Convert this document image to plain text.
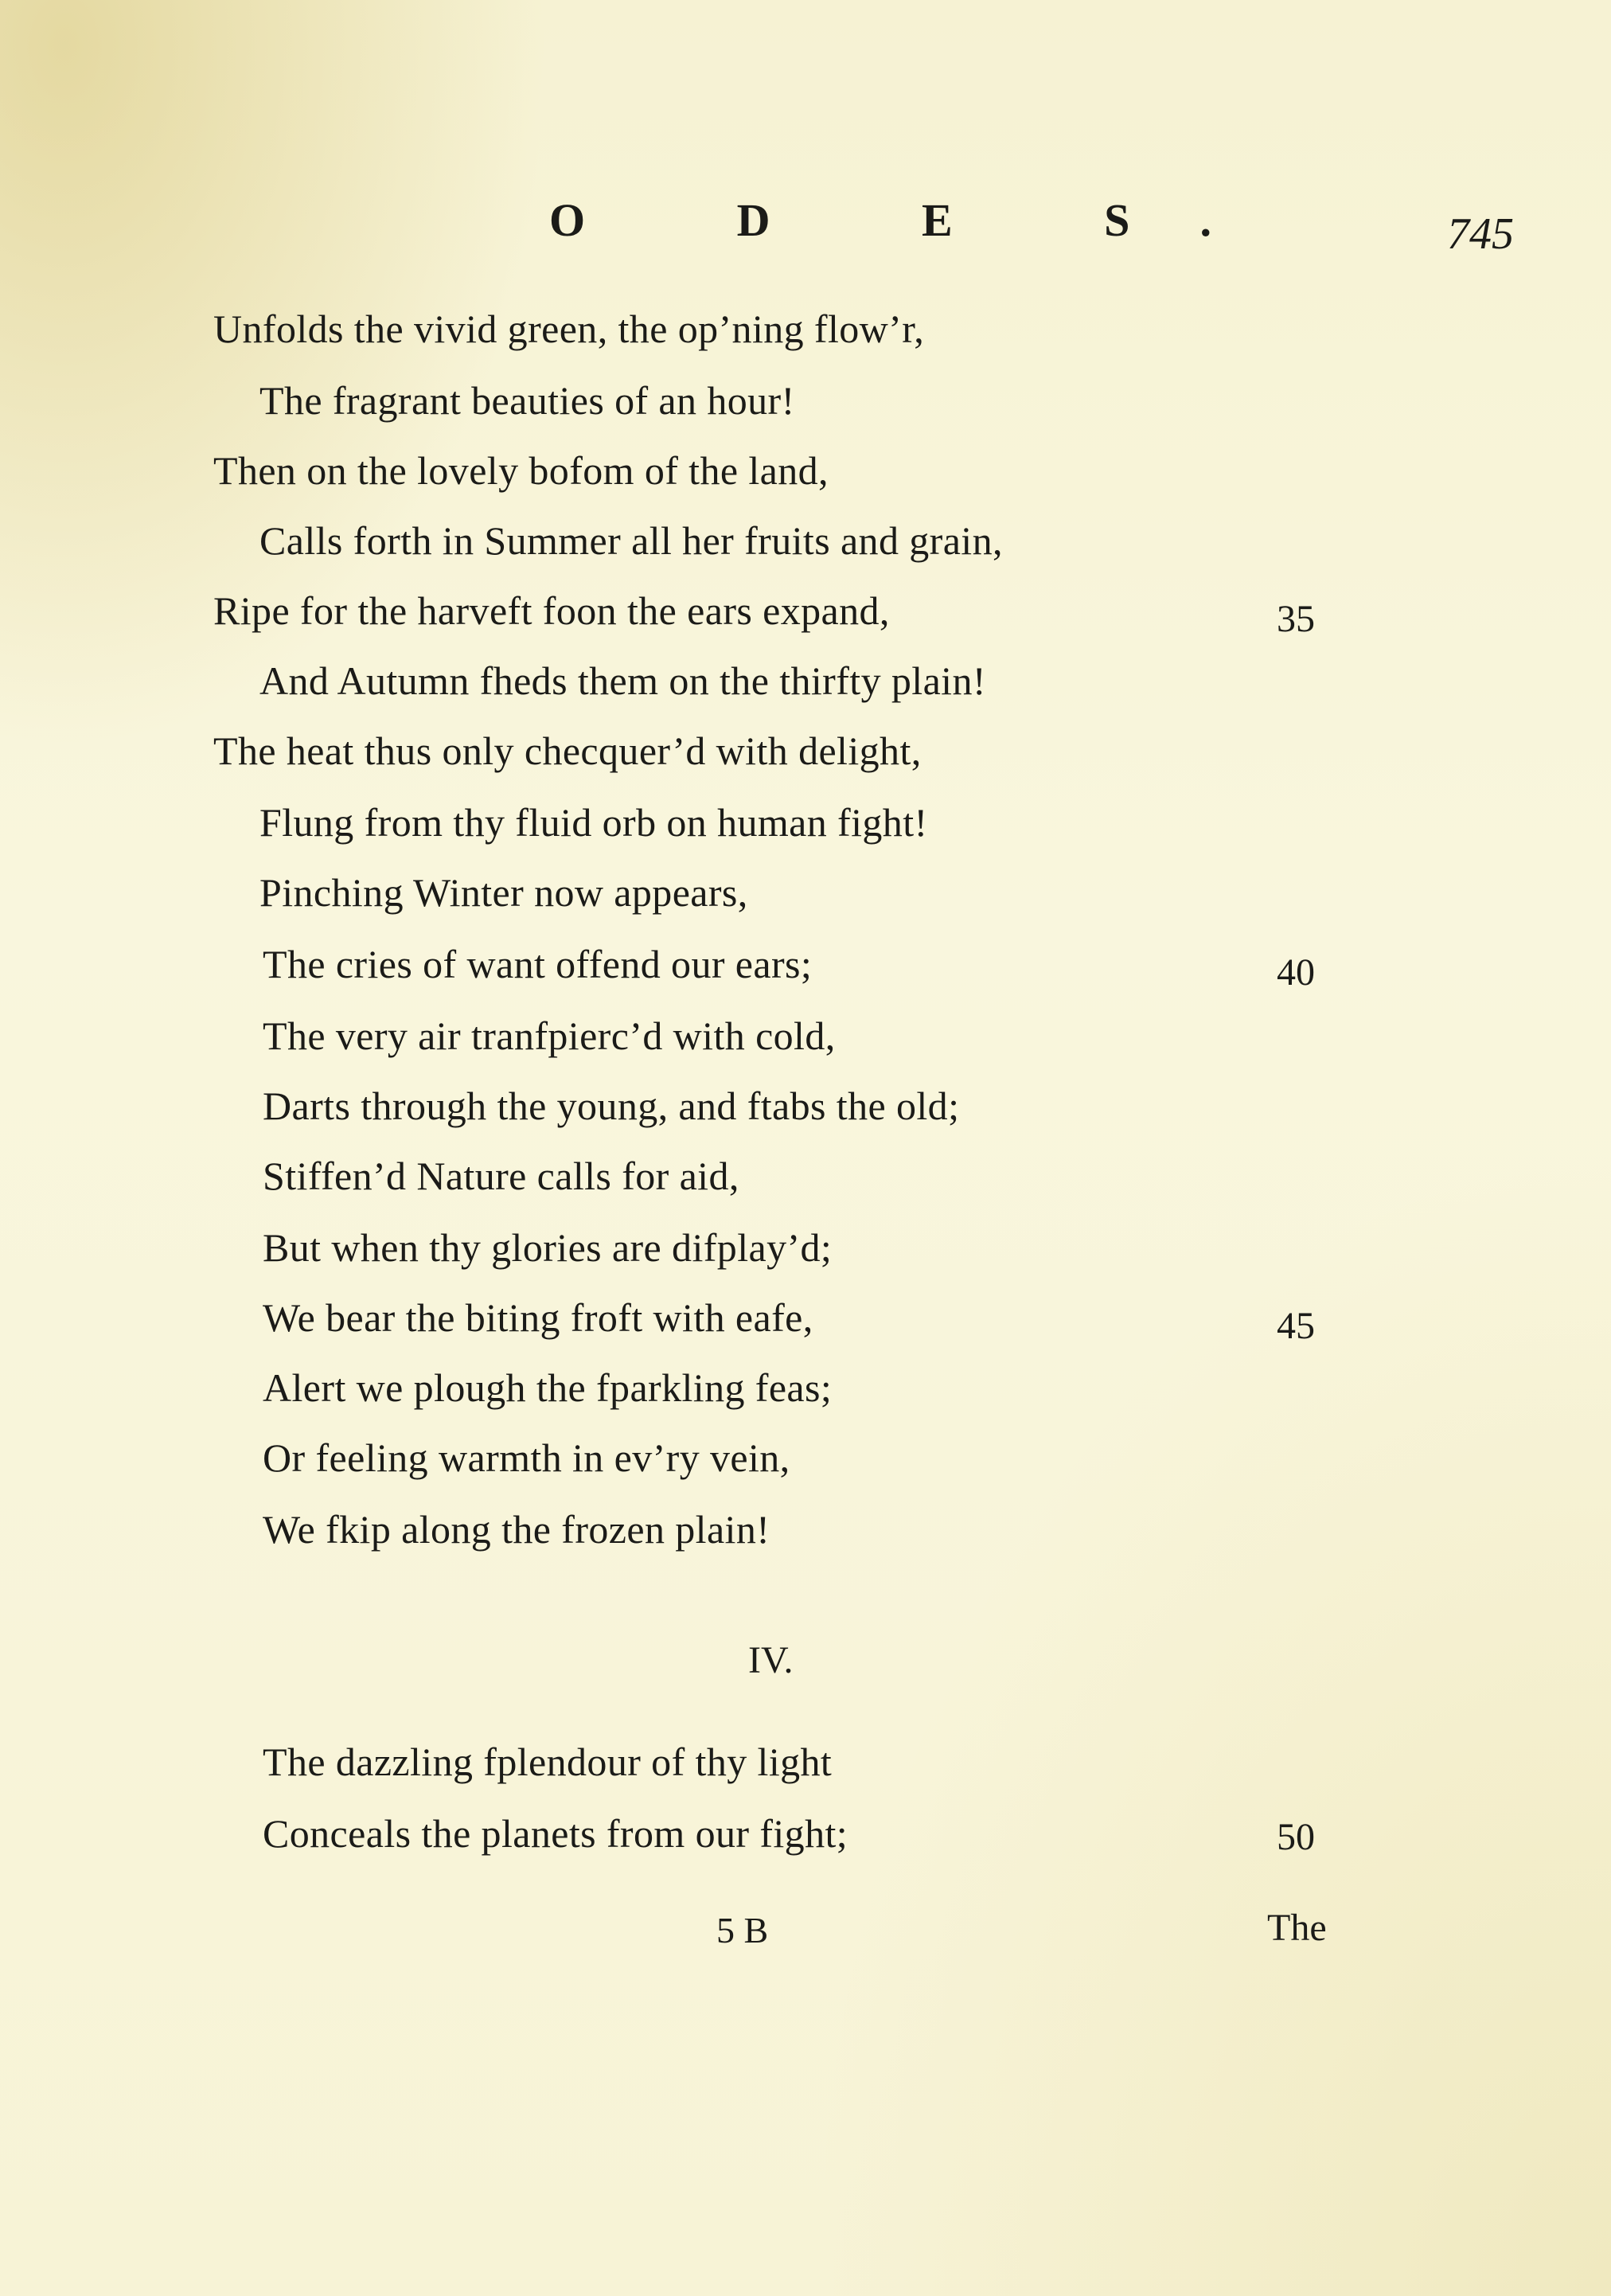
O D E S.	745
Unfolds the vivid green, the op’ning flow’r,
The fragrant beauties of an hour!
Then on the lovely bofom of the land,
Calls forth in Summer all her fruits and grain,
Ripe for the harveft foon the ears expand,
And Autumn fheds them on the thirfty plain!
The heat thus only checquer’d with delight,
Flung from thy fluid orb on human fight!
Pinching Winter now appears,
The cries of want offend our ears;
The very air tranfpierc’d with cold,
Darts through the young, and ftabs the old;
Stiffen’d Nature calls for aid,
But when thy glories are difplay’d;
We bear the biting froft with eafe,
Alert we plough the fparkling feas;
Or feeling warmth in ev’ry vein,
We fkip along the frozen plain!
35
40
45
50
IV.
The dazzling fplendour of thy light
Conceals the planets from our fight;
5 B	The
